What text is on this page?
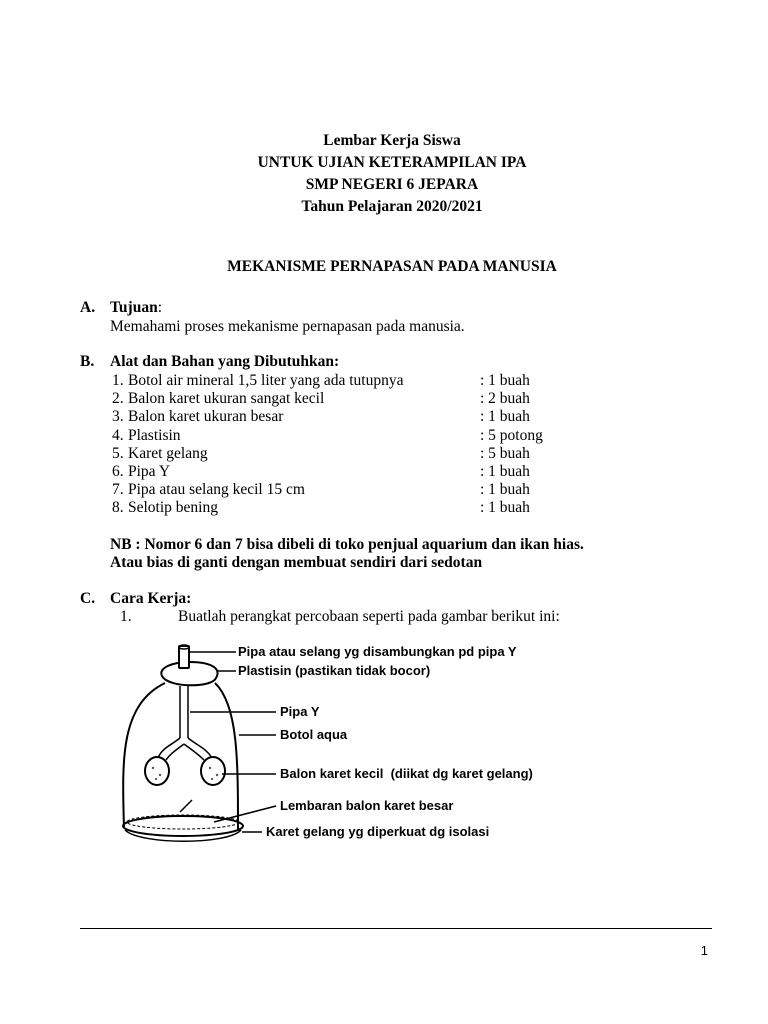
Lembar Kerja Siswa
UNTUK UJIAN KETERAMPILAN IPA
SMP NEGERI 6 JEPARA
Tahun Pelajaran 2020/2021
MEKANISME PERNAPASAN PADA MANUSIA
A. Tujuan:
Memahami proses mekanisme pernapasan pada manusia.
B. Alat dan Bahan yang Dibutuhkan:
1. Botol air mineral 1,5 liter yang ada tutupnya	: 1 buah
2. Balon karet ukuran sangat kecil	: 2 buah
3. Balon karet ukuran besar	: 1 buah
4. Plastisin	: 5 potong
5. Karet gelang	: 5 buah
6. Pipa Y	: 1 buah
7. Pipa atau selang kecil 15 cm	: 1 buah
8. Selotip bening	: 1 buah
NB : Nomor 6 dan 7 bisa dibeli di toko penjual aquarium dan ikan hias.
Atau bias di ganti dengan membuat sendiri dari sedotan
C. Cara Kerja:
1.	Buatlah perangkat percobaan seperti pada gambar berikut ini:
Pipa atau selang yg disambungkan pd pipa Y
Plastisin (pastikan tidak bocor)
Pipa Y
Botol aqua
Balon karet kecil (diikat dg karet gelang)
Lembaran balon karet besar
Karet gelang yg diperkuat dg isolasi
1
